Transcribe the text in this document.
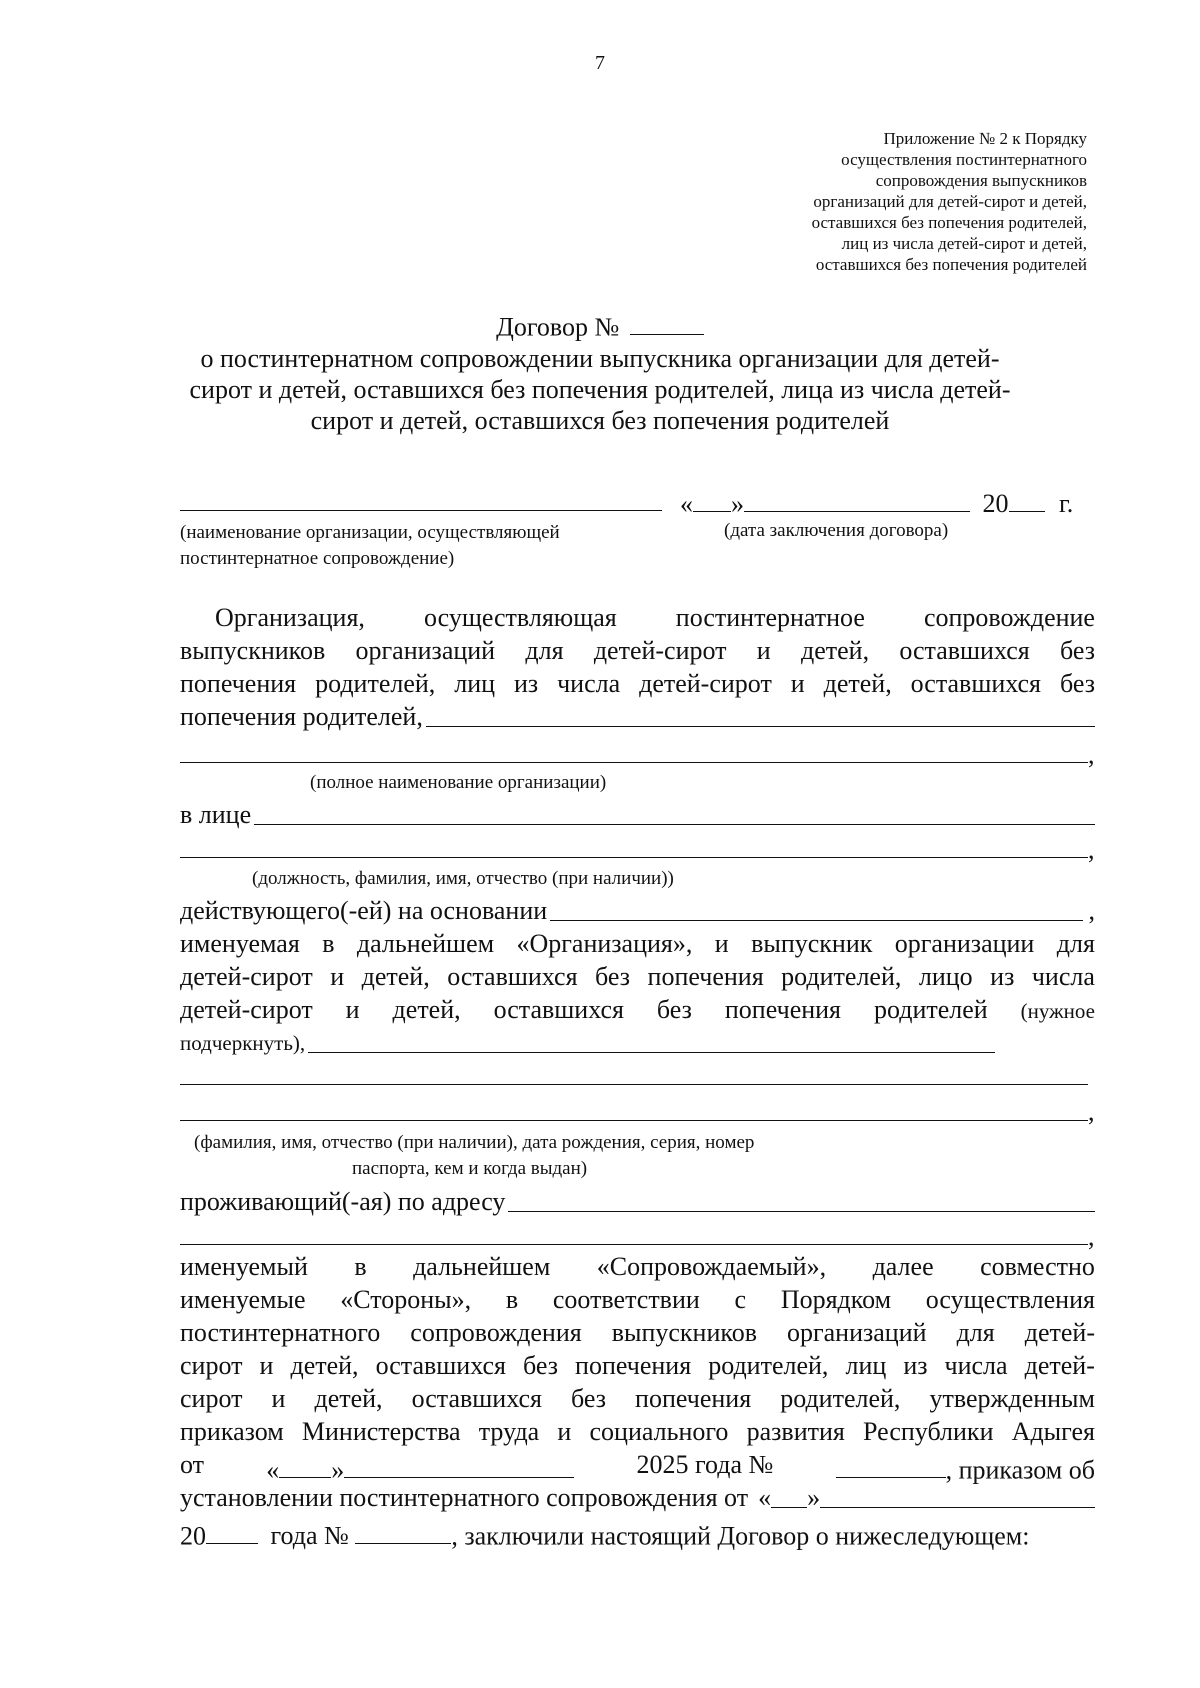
7
Приложение № 2 к Порядку
осуществления постинтернатного
сопровождения выпускников
организаций для детей-сирот и детей,
оставшихся без попечения родителей,
лиц из числа детей-сирот и детей,
оставшихся без попечения родителей
Договор №
о постинтернатном сопровождении выпускника организации для детей-
сирот и детей, оставшихся без попечения родителей, лица из числа детей-
сирот и детей, оставшихся без попечения родителей
« »	20 г.
(наименование организации, осуществляющей
постинтернатное сопровождение)
(дата заключения договора)
Организация, осуществляющая постинтернатное сопровождение
выпускников организаций для детей-сирот и детей, оставшихся без
попечения родителей, лиц из числа детей-сирот и детей, оставшихся без
попечения родителей,
,
(полное наименование организации)
в лице
,
(должность, фамилия, имя, отчество (при наличии))
действующего(-ей) на основании	,
именуемая в дальнейшем «Организация», и выпускник организации для
детей-сирот и детей, оставшихся без попечения родителей, лицо из числа
детей-сирот и детей, оставшихся без попечения родителей (нужное
подчеркнуть),
,
(фамилия, имя, отчество (при наличии), дата рождения, серия, номер
паспорта, кем и когда выдан)
проживающий(-ая) по адресу
,
именуемый в дальнейшем «Сопровождаемый», далее совместно
именуемые «Стороны», в соответствии с Порядком осуществления
постинтернатного сопровождения выпускников организаций для детей-
сирот и детей, оставшихся без попечения родителей, лиц из числа детей-
сирот и детей, оставшихся без попечения родителей, утвержденным
приказом Министерства труда и социального развития Республики Адыгея
от « »	2025 года №	, приказом об
установлении постинтернатного сопровождения от « »
20 года №	, заключили настоящий Договор о нижеследующем:
